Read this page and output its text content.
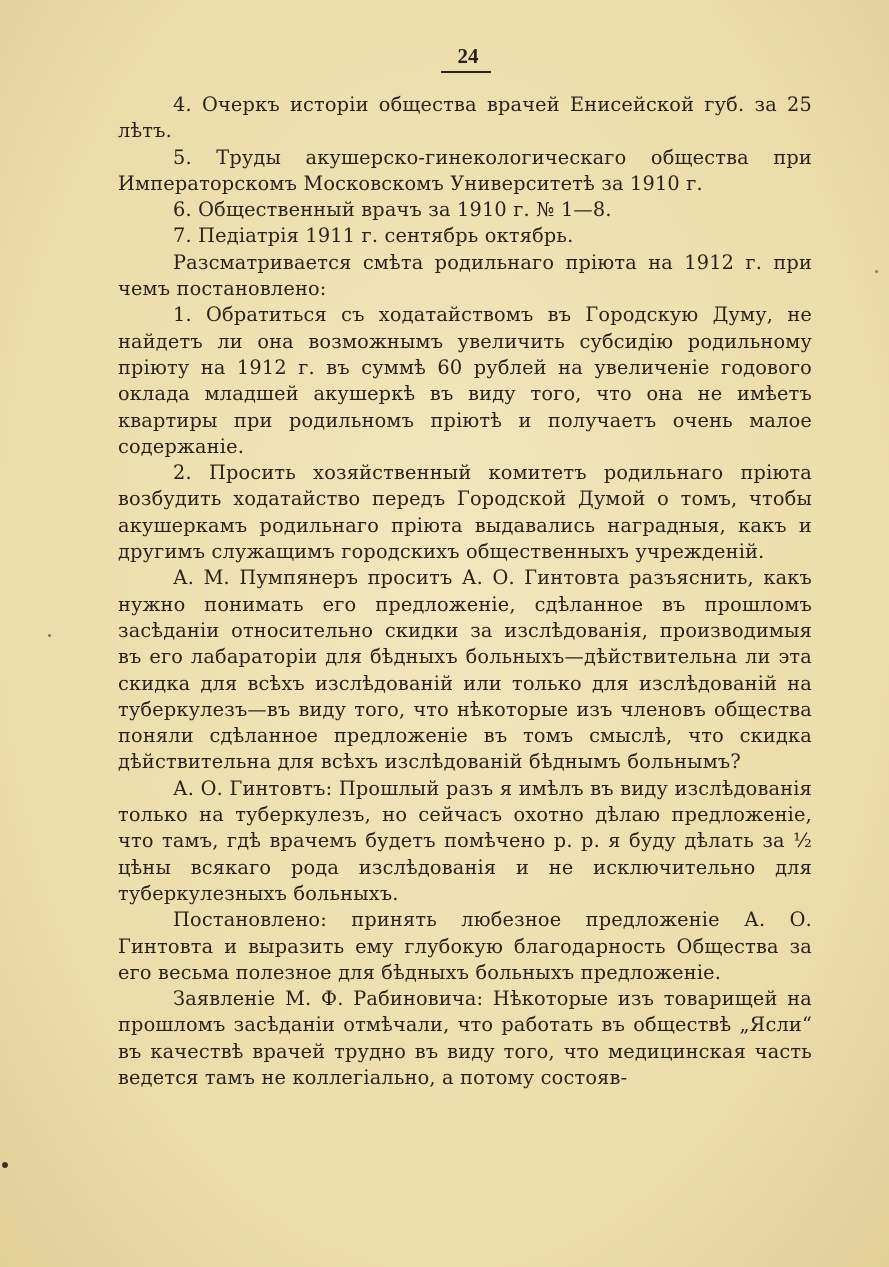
24

4. Очеркъ исторіи общества врачей Енисейской губ. за 25 лѣтъ.

5. Труды акушерско-гинекологическаго общества при Императорскомъ Московскомъ Университетѣ за 1910 г.

6. Общественный врачъ за 1910 г. № 1—8.

7. Педіатрія 1911 г. сентябрь октябрь.

Разсматривается смѣта родильнаго пріюта на 1912 г. при чемъ постановлено:

1. Обратиться съ ходатайствомъ въ Городскую Думу, не найдетъ ли она возможнымъ увеличить субсидію родильному пріюту на 1912 г. въ суммѣ 60 рублей на увеличеніе годового оклада младшей акушеркѣ въ виду того, что она не имѣетъ квартиры при родильномъ пріютѣ и получаетъ очень малое содержаніе.

2. Просить хозяйственный комитетъ родильнаго пріюта возбудить ходатайство передъ Городской Думой о томъ, чтобы акушеркамъ родильнаго пріюта выдавались наградныя, какъ и другимъ служащимъ городскихъ общественныхъ учрежденій.

А. М. Пумпянеръ проситъ А. О. Гинтовта разъяснить, какъ нужно понимать его предложеніе, сдѣланное въ прошломъ засѣданіи относительно скидки за изслѣдованія, производимыя въ его лабараторіи для бѣдныхъ больныхъ—дѣйствительна ли эта скидка для всѣхъ изслѣдованій или только для изслѣдованій на туберкулезъ—въ виду того, что нѣкоторые изъ членовъ общества поняли сдѣланное предложеніе въ томъ смыслѣ, что скидка дѣйствительна для всѣхъ изслѣдованій бѣднымъ больнымъ?

А. О. Гинтовтъ: Прошлый разъ я имѣлъ въ виду изслѣдованія только на туберкулезъ, но сейчасъ охотно дѣлаю предложеніе, что тамъ, гдѣ врачемъ будетъ помѣчено р. р. я буду дѣлать за ½ цѣны всякаго рода изслѣдованія и не исключительно для туберкулезныхъ больныхъ.

Постановлено: принять любезное предложеніе А. О. Гинтовта и выразить ему глубокую благодарность Общества за его весьма полезное для бѣдныхъ больныхъ предложеніе.

Заявленіе М. Ф. Рабиновича: Нѣкоторые изъ товарищей на прошломъ засѣданіи отмѣчали, что работать въ обществѣ „Ясли“ въ качествѣ врачей трудно въ виду того, что медицинская часть ведется тамъ не коллегіально, а потому состояв-
